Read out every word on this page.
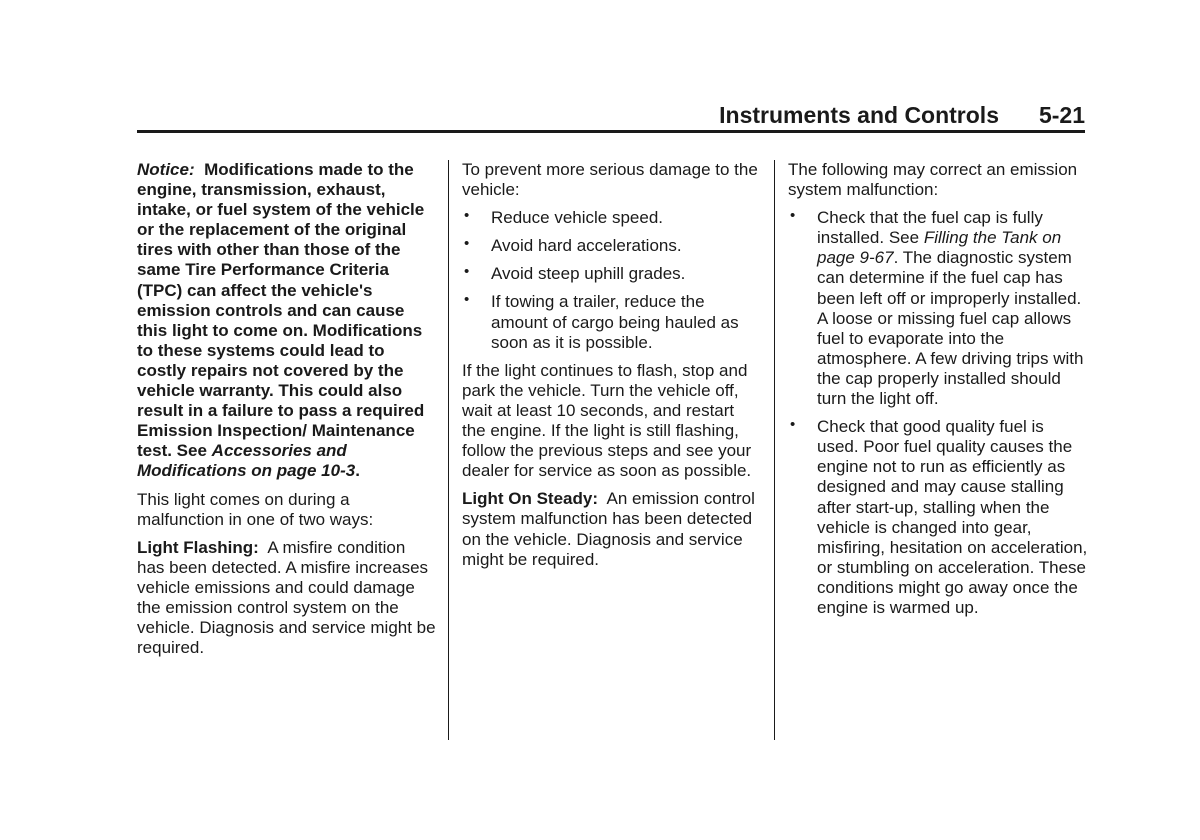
Instruments and Controls 5-21

Notice: Modifications made to the engine, transmission, exhaust, intake, or fuel system of the vehicle or the replacement of the original tires with other than those of the same Tire Performance Criteria (TPC) can affect the vehicle's emission controls and can cause this light to come on. Modifications to these systems could lead to costly repairs not covered by the vehicle warranty. This could also result in a failure to pass a required Emission Inspection/ Maintenance test. See Accessories and Modifications on page 10-3.

This light comes on during a malfunction in one of two ways:

Light Flashing: A misfire condition has been detected. A misfire increases vehicle emissions and could damage the emission control system on the vehicle. Diagnosis and service might be required.

To prevent more serious damage to the vehicle:

• Reduce vehicle speed.
• Avoid hard accelerations.
• Avoid steep uphill grades.
• If towing a trailer, reduce the amount of cargo being hauled as soon as it is possible.

If the light continues to flash, stop and park the vehicle. Turn the vehicle off, wait at least 10 seconds, and restart the engine. If the light is still flashing, follow the previous steps and see your dealer for service as soon as possible.

Light On Steady: An emission control system malfunction has been detected on the vehicle. Diagnosis and service might be required.

The following may correct an emission system malfunction:

• Check that the fuel cap is fully installed. See Filling the Tank on page 9-67. The diagnostic system can determine if the fuel cap has been left off or improperly installed. A loose or missing fuel cap allows fuel to evaporate into the atmosphere. A few driving trips with the cap properly installed should turn the light off.
• Check that good quality fuel is used. Poor fuel quality causes the engine not to run as efficiently as designed and may cause stalling after start-up, stalling when the vehicle is changed into gear, misfiring, hesitation on acceleration, or stumbling on acceleration. These conditions might go away once the engine is warmed up.
